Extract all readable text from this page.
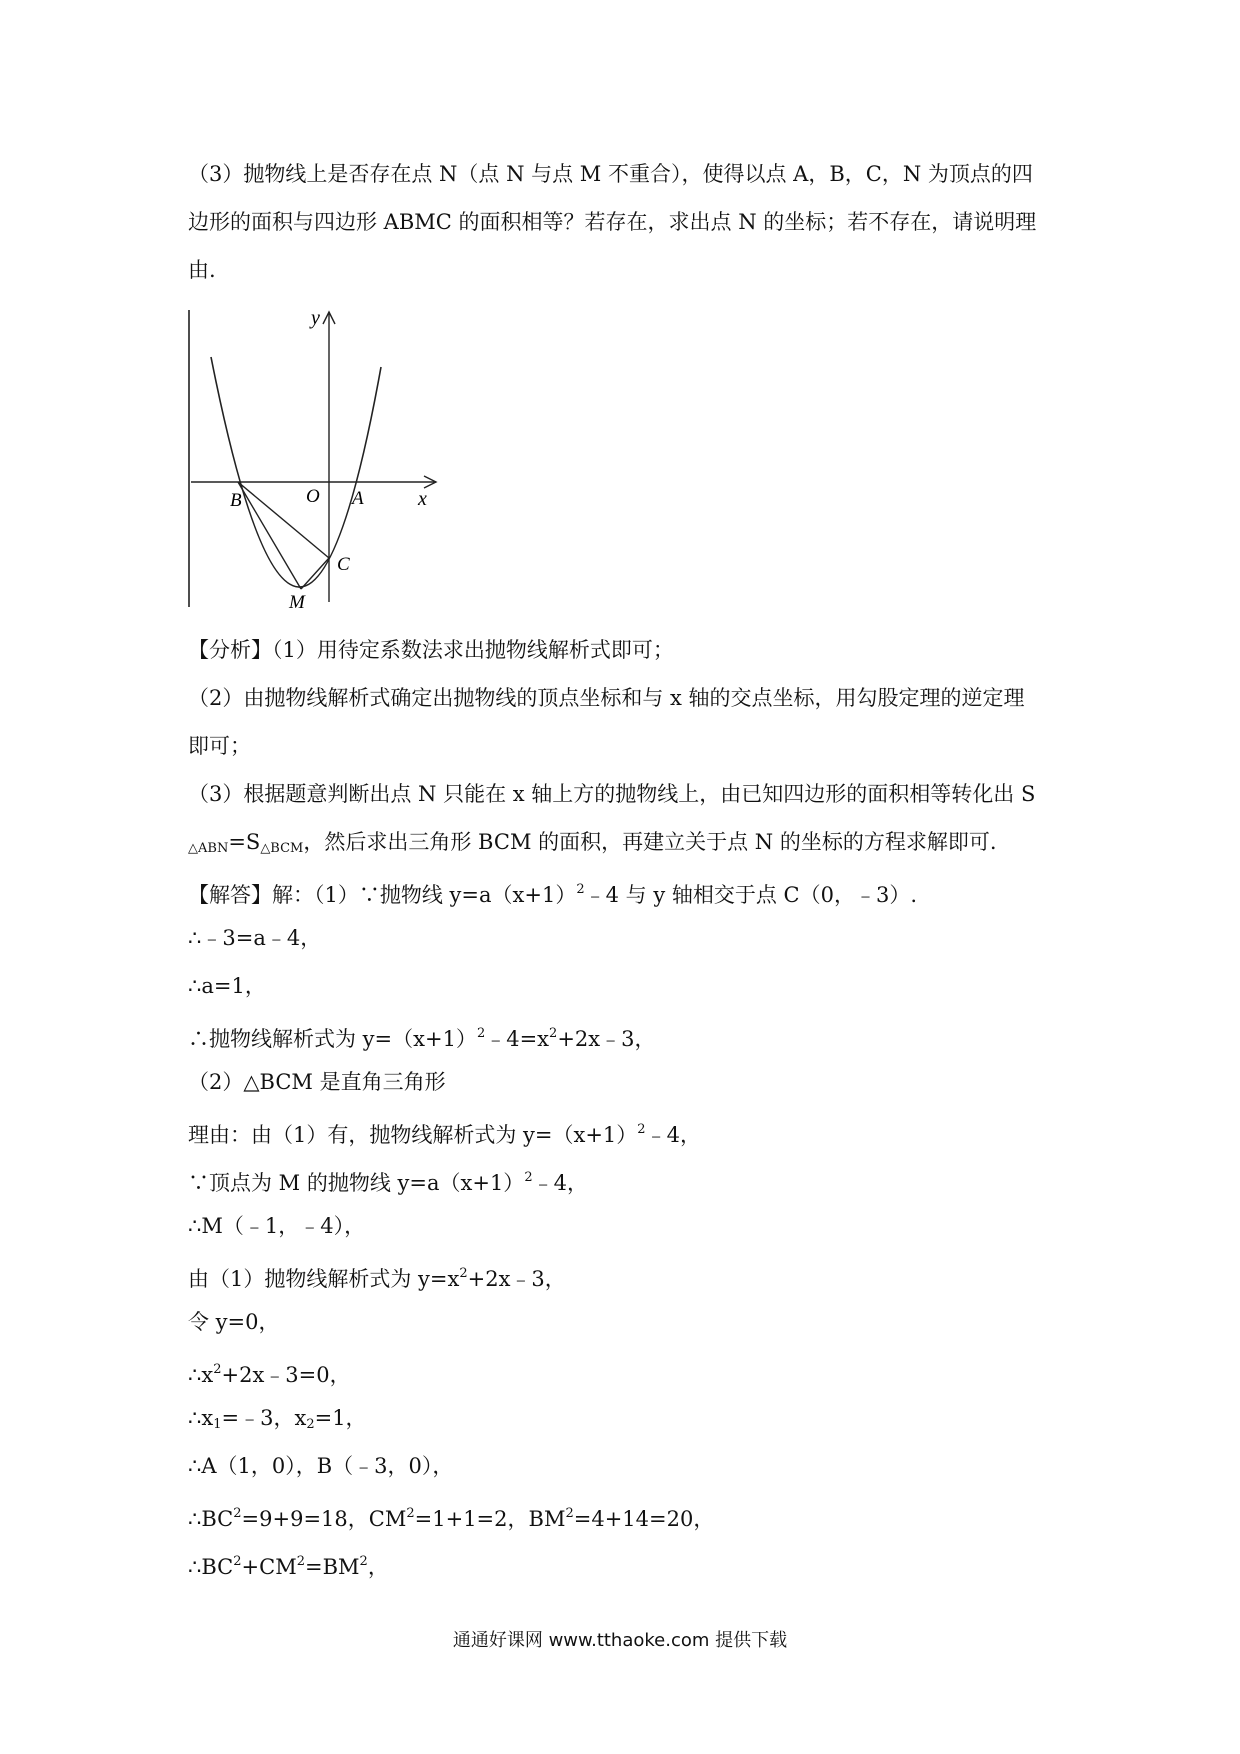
（3）抛物线上是否存在点 N（点 N 与点 M 不重合），使得以点 A，B，C，N 为顶点的四
边形的面积与四边形 ABMC 的面积相等？若存在，求出点 N 的坐标；若不存在，请说明理
由.
y
x
O A
B
C
M
【分析】（1）用待定系数法求出抛物线解析式即可；
（2）由抛物线解析式确定出抛物线的顶点坐标和与 x 轴的交点坐标，用勾股定理的逆定理
即可；
（3）根据题意判断出点 N 只能在 x 轴上方的抛物线上，由已知四边形的面积相等转化出 S
$_{\triangle ABN}=S_{\triangle BCM}$，然后求出三角形 BCM 的面积，再建立关于点 N 的坐标的方程求解即可.
【解答】解：（1）∵抛物线 $y=a(x+1)^2﹣4$ 与 y 轴相交于点 C（0，﹣3）.
∴﹣3=a﹣4，
∴a=1，
∴抛物线解析式为 $y=(x+1)^2﹣4=x^2+2x﹣3$，
（2）△BCM 是直角三角形
理由：由（1）有，抛物线解析式为 $y=(x+1)^2﹣4$，
∵顶点为 M 的抛物线 $y=a(x+1)^2﹣4$，
∴M（﹣1，﹣4），
由（1）抛物线解析式为 $y=x^2+2x﹣3$，
令 y=0，
$\therefore x^2+2x﹣3=0$，
$\therefore x_1=﹣3$，$x_2=1$，
∴A（1，0），B（﹣3，0），
$\therefore BC^2=9+9=18$，$CM^2=1+1=2$，$BM^2=4+14=20$，
$\therefore BC^2+CM^2=BM^2$，
通通好课网 www.tthaoke.com 提供下载
